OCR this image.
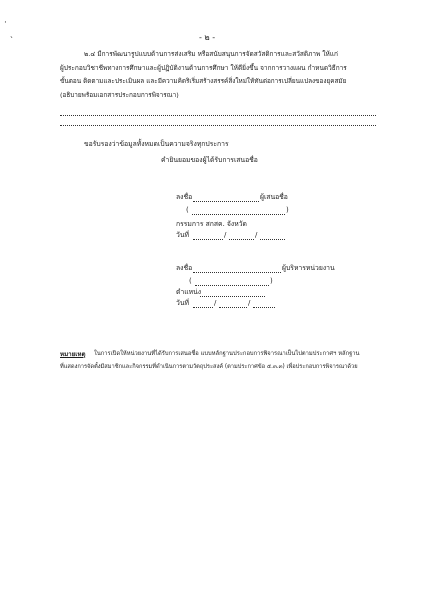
·
˴	- ๒ -
๒.๔ มีการพัฒนารูปแบบด้านการส่งเสริม หรือสนับสนุนการจัดสวัสดิการและสวัสดิภาพ ให้แก่
ผู้ประกอบวิชาชีพทางการศึกษาและผู้ปฏิบัติงานด้านการศึกษา ให้ดียิ่งขึ้น จากการวางแผน กำหนดวิธีการ
ขั้นตอน ติดตามและประเมินผล และมีความคิดริเริ่มสร้างสรรค์สิ่งใหม่ให้ทันต่อการเปลี่ยนแปลงของยุคสมัย
(อธิบายพร้อมเอกสารประกอบการพิจารณา)
ขอรับรองว่าข้อมูลทั้งหมดเป็นความจริงทุกประการ
คำยินยอมของผู้ได้รับการเสนอชื่อ
ลงชื่อ	ผู้เสนอชื่อ
(	)
กรรมการ สกสค. จังหวัด
วันที่	/	/
ลงชื่อ	ผู้บริหารหน่วยงาน
(	)
ตำแหน่ง
วันที่	/	/
หมายเหตุ ในการเปิดให้หน่วยงานที่ได้รับการเสนอชื่อ แบบหลักฐานประกอบการพิจารณาเป็นไปตามประกาศฯ หลักฐาน
ที่แสดงการจัดตั้งมีสมาชิกและกิจกรรมที่ดำเนินการตามวัตถุประสงค์ (ตามประกาศข้อ ๕.๓.๓) เพื่อประกอบการพิจารณาด้วย
